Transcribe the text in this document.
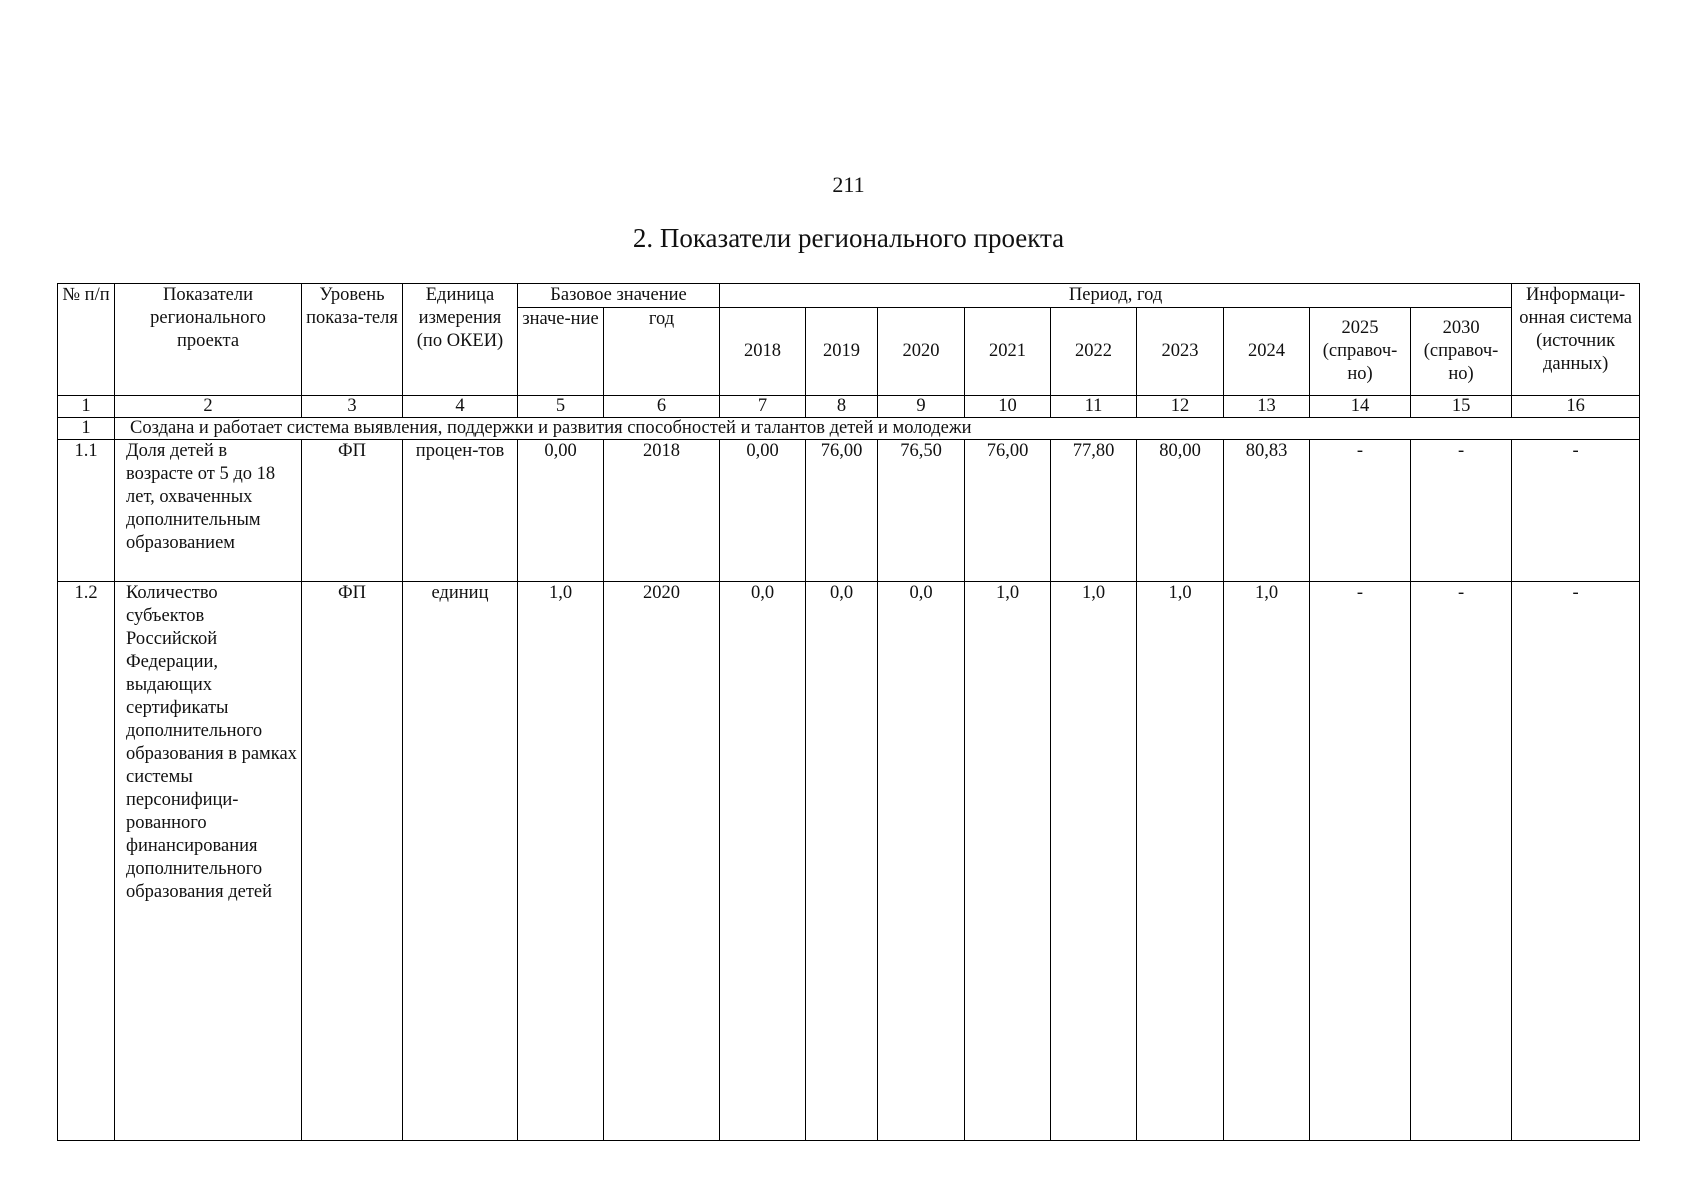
211
2. Показатели регионального проекта
№ п/п	Показатели регионального проекта	Уровень показа-теля	Единица измерения (по ОКЕИ)	Базовое значение		Период, год									Информаци-онная система (источник данных)
				значе-ние	год	2018	2019	2020	2021	2022	2023	2024	2025 (справоч-но)	2030 (справоч-но)	
1	2	3	4	5	6	7	8	9	10	11	12	13	14	15	16
1	Создана и работает система выявления, поддержки и развития способностей и талантов детей и молодежи														
1.1	Доля детей в возрасте от 5 до 18 лет, охваченных дополнительным образованием	ФП	процен-тов	0,00	2018	0,00	76,00	76,50	76,00	77,80	80,00	80,83	-	-	-
1.2	Количество субъектов Российской Федерации, выдающих сертификаты дополнительного образования в рамках системы персонифици-рованного финансирования дополнительного образования детей	ФП	единиц	1,0	2020	0,0	0,0	0,0	1,0	1,0	1,0	1,0	-	-	-
